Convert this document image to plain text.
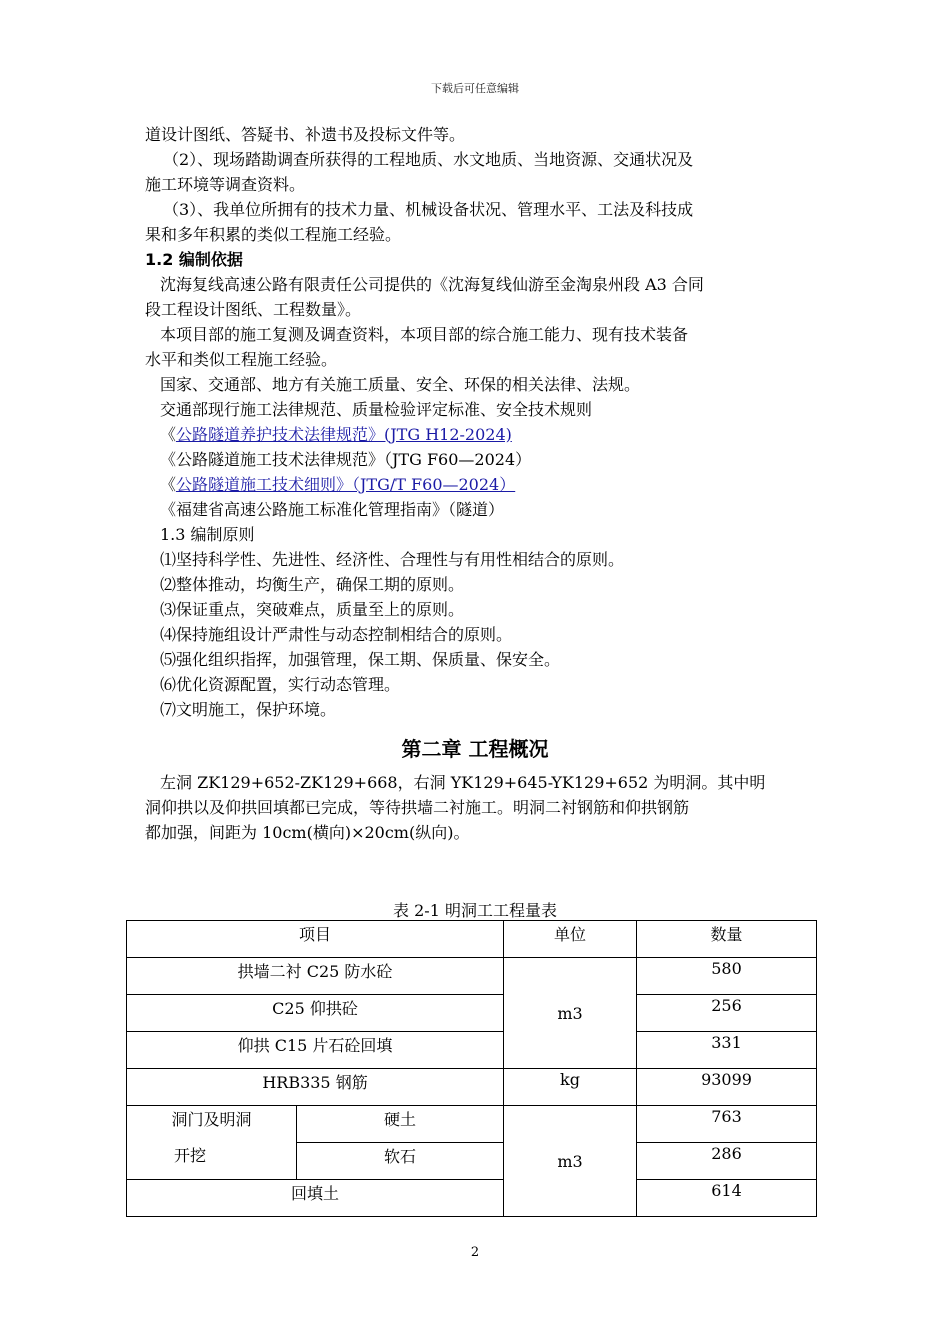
下载后可任意编辑
道设计图纸、答疑书、补遗书及投标文件等。
（2）、现场踏勘调查所获得的工程地质、水文地质、当地资源、交通状况及
施工环境等调查资料。
（3）、我单位所拥有的技术力量、机械设备状况、管理水平、工法及科技成
果和多年积累的类似工程施工经验。
1.2 编制依据
沈海复线高速公路有限责任公司提供的《沈海复线仙游至金淘泉州段 A3 合同
段工程设计图纸、工程数量》。
本项目部的施工复测及调查资料，本项目部的综合施工能力、现有技术装备
水平和类似工程施工经验。
国家、交通部、地方有关施工质量、安全、环保的相关法律、法规。
交通部现行施工法律规范、质量检验评定标准、安全技术规则
《公路隧道养护技术法律规范》(JTG H12-2024)
《公路隧道施工技术法律规范》（JTG F60—2024）
《公路隧道施工技术细则》（JTG/T F60—2024）
《福建省高速公路施工标准化管理指南》（隧道）
1.3 编制原则
⑴坚持科学性、先进性、经济性、合理性与有用性相结合的原则。
⑵整体推动，均衡生产，确保工期的原则。
⑶保证重点，突破难点，质量至上的原则。
⑷保持施组设计严肃性与动态控制相结合的原则。
⑸强化组织指挥，加强管理，保工期、保质量、保安全。
⑹优化资源配置，实行动态管理。
⑺文明施工，保护环境。
第二章 工程概况
左洞 ZK129+652-ZK129+668，右洞 YK129+645-YK129+652 为明洞。其中明
洞仰拱以及仰拱回填都已完成，等待拱墙二衬施工。明洞二衬钢筋和仰拱钢筋
都加强，间距为 10cm(横向)×20cm(纵向)。
表 2-1 明洞工工程量表
项目		单位	数量
拱墙二衬 C25 防水砼		m3	580
C25 仰拱砼			256
仰拱 C15 片石砼回填			331
HRB335 钢筋		kg	93099

洞门及明洞
开挖	硬土	m3	763
	软石		286
回填土			614
2
